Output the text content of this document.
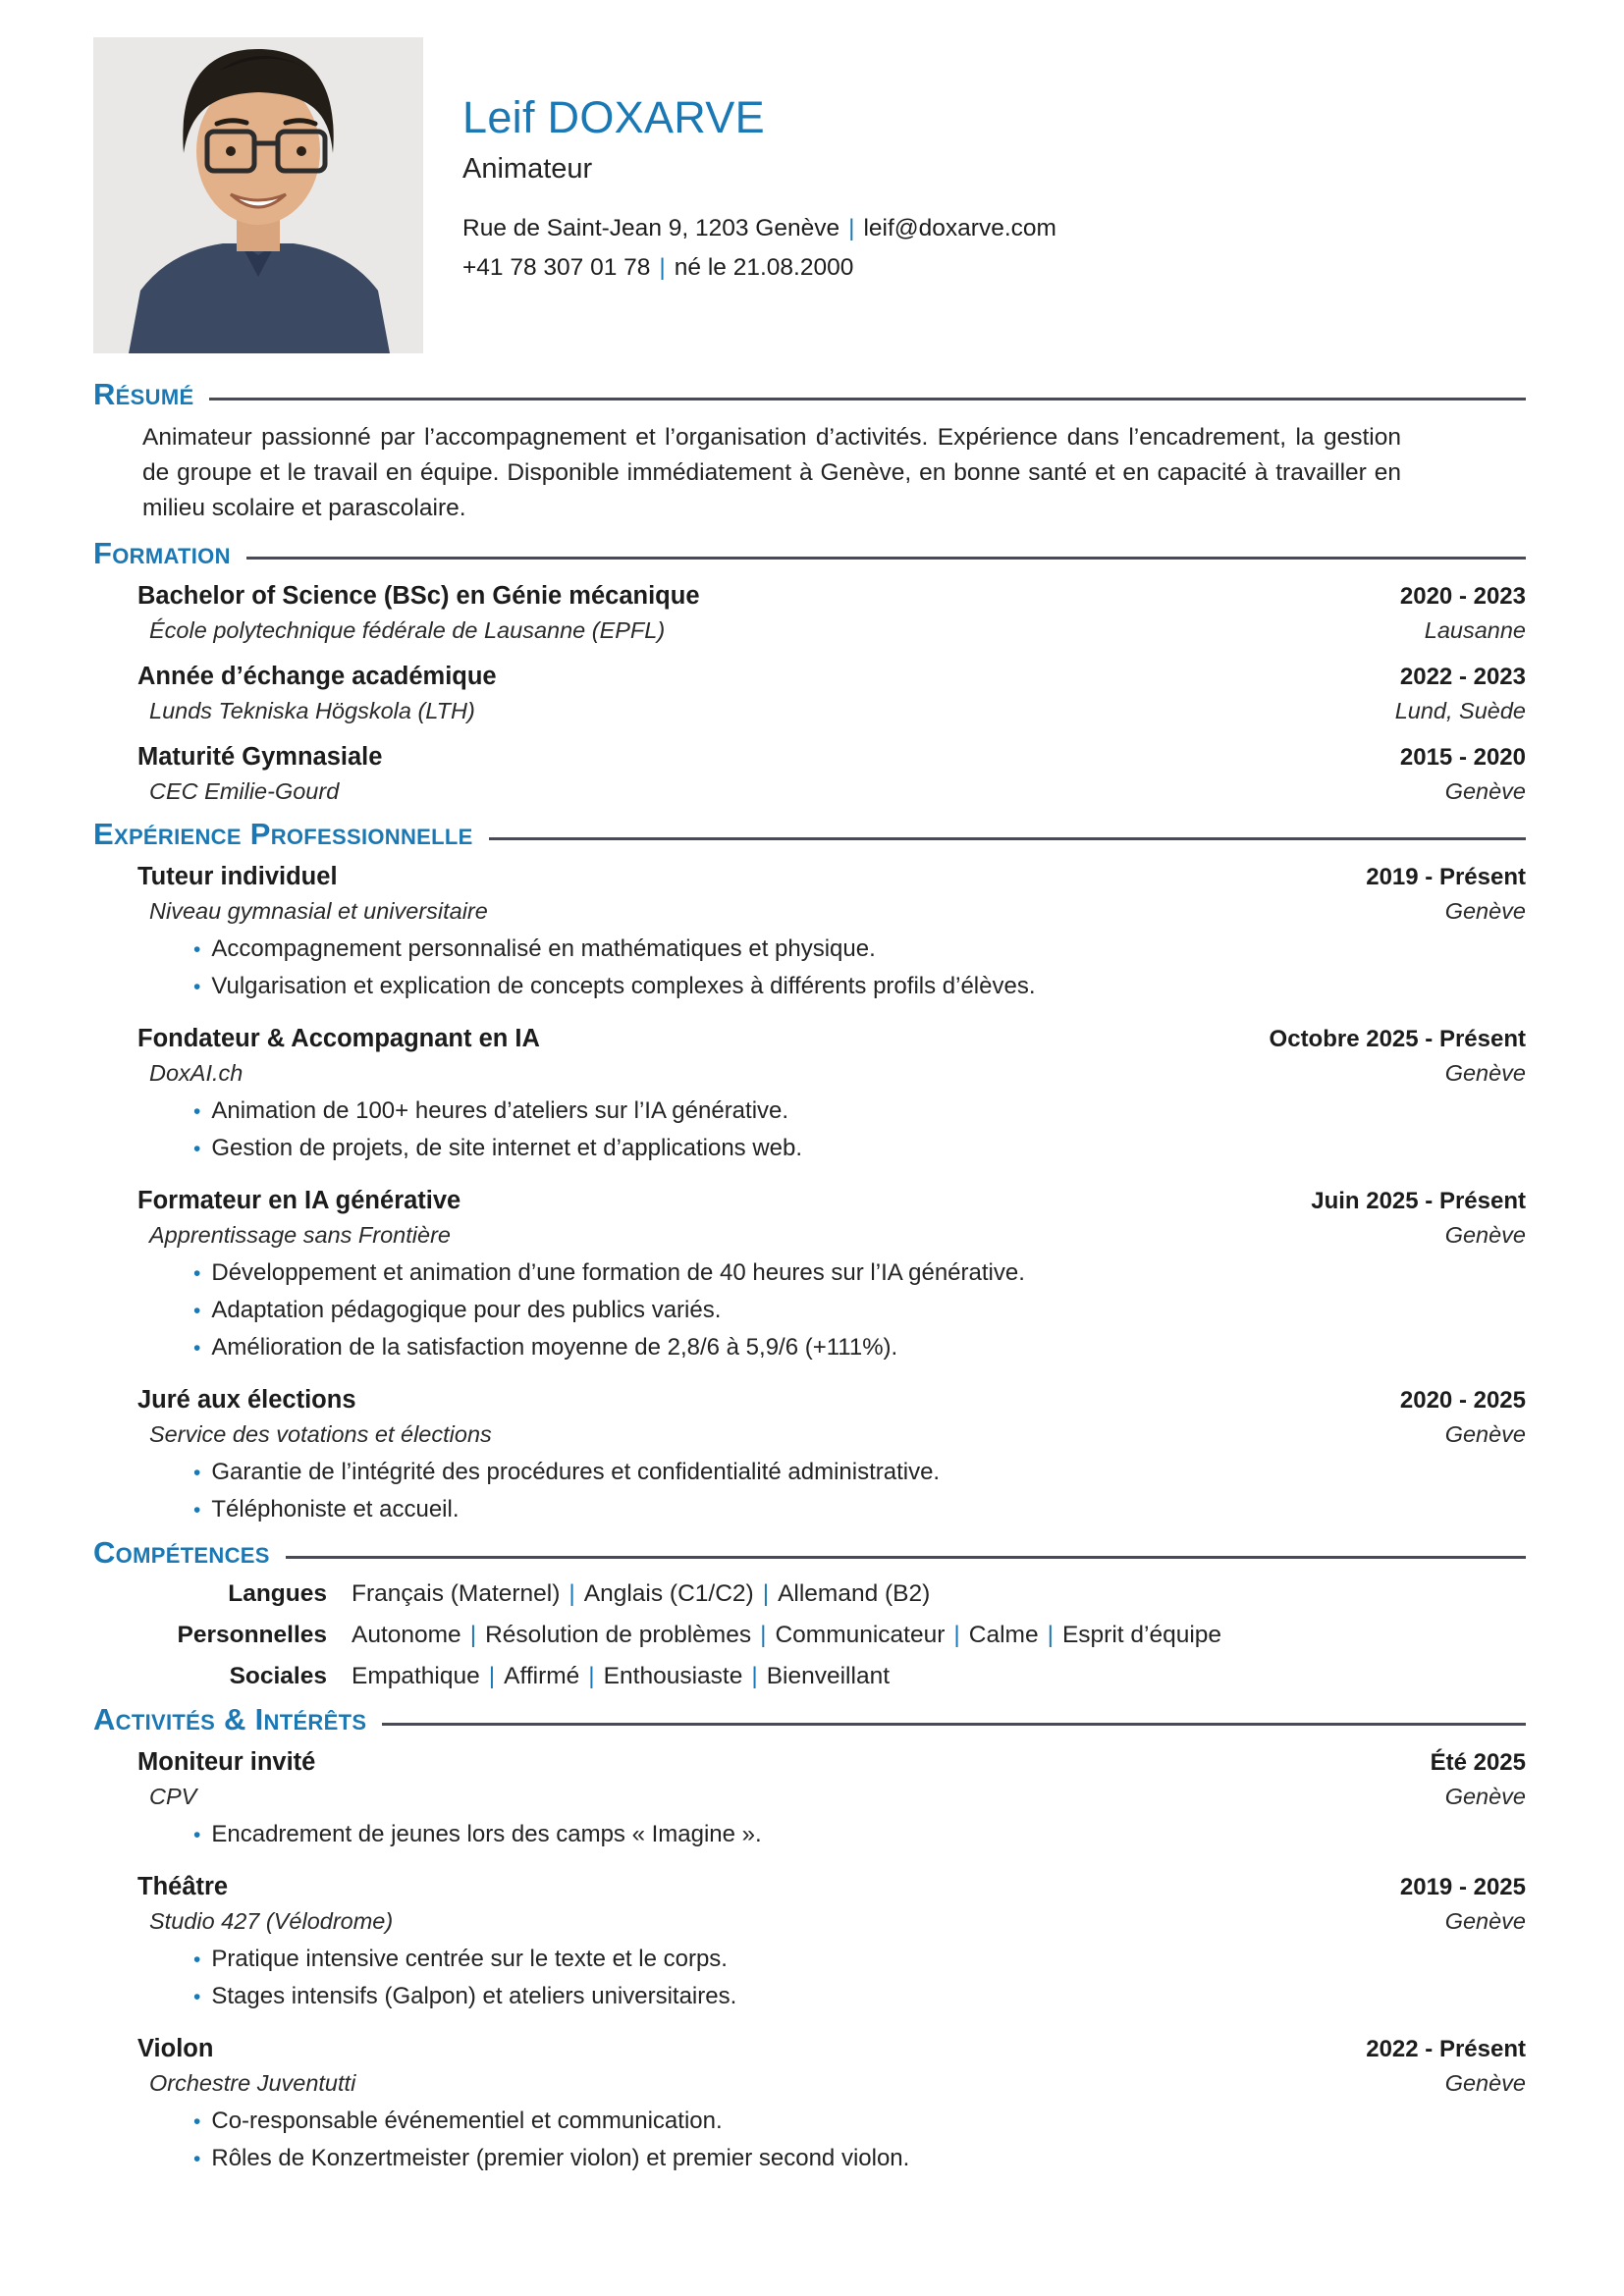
Leif DOXARVE
Animateur
Rue de Saint-Jean 9, 1203 Genève | leif@doxarve.com
+41 78 307 01 78 | né le 21.08.2000
Résumé

Animateur passionné par l’accompagnement et l’organisation d’activités. Expérience dans l’encadrement, la gestion de groupe et le travail en équipe. Disponible immédiatement à Genève, en bonne santé et en capacité à travailler en milieu scolaire et parascolaire.

Formation
Bachelor of Science (BSc) en Génie mécanique	2020 - 2023
École polytechnique fédérale de Lausanne (EPFL)	Lausanne
Année d’échange académique	2022 - 2023
Lunds Tekniska Högskola (LTH)	Lund, Suède
Maturité Gymnasiale	2015 - 2020
CEC Emilie-Gourd	Genève
Expérience Professionnelle
Tuteur individuel	2019 - Présent
Niveau gymnasial et universitaire	Genève
• Accompagnement personnalisé en mathématiques et physique.
• Vulgarisation et explication de concepts complexes à différents profils d’élèves.
Fondateur & Accompagnant en IA	Octobre 2025 - Présent
DoxAI.ch	Genève
• Animation de 100+ heures d’ateliers sur l’IA générative.
• Gestion de projets, de site internet et d’applications web.
Formateur en IA générative	Juin 2025 - Présent
Apprentissage sans Frontière	Genève
• Développement et animation d’une formation de 40 heures sur l’IA générative.
• Adaptation pédagogique pour des publics variés.
• Amélioration de la satisfaction moyenne de 2,8/6 à 5,9/6 (+111%).
Juré aux élections	2020 - 2025
Service des votations et élections	Genève
• Garantie de l’intégrité des procédures et confidentialité administrative.
• Téléphoniste et accueil.
Compétences
Langues Français (Maternel) | Anglais (C1/C2) | Allemand (B2)
Personnelles Autonome | Résolution de problèmes | Communicateur | Calme | Esprit d’équipe
Sociales Empathique | Affirmé | Enthousiaste | Bienveillant
Activités & Intérêts
Moniteur invité	Été 2025
CPV	Genève
• Encadrement de jeunes lors des camps « Imagine ».
Théâtre	2019 - 2025
Studio 427 (Vélodrome)	Genève
• Pratique intensive centrée sur le texte et le corps.
• Stages intensifs (Galpon) et ateliers universitaires.
Violon	2022 - Présent
Orchestre Juventutti	Genève
• Co-responsable événementiel et communication.
• Rôles de Konzertmeister (premier violon) et premier second violon.
